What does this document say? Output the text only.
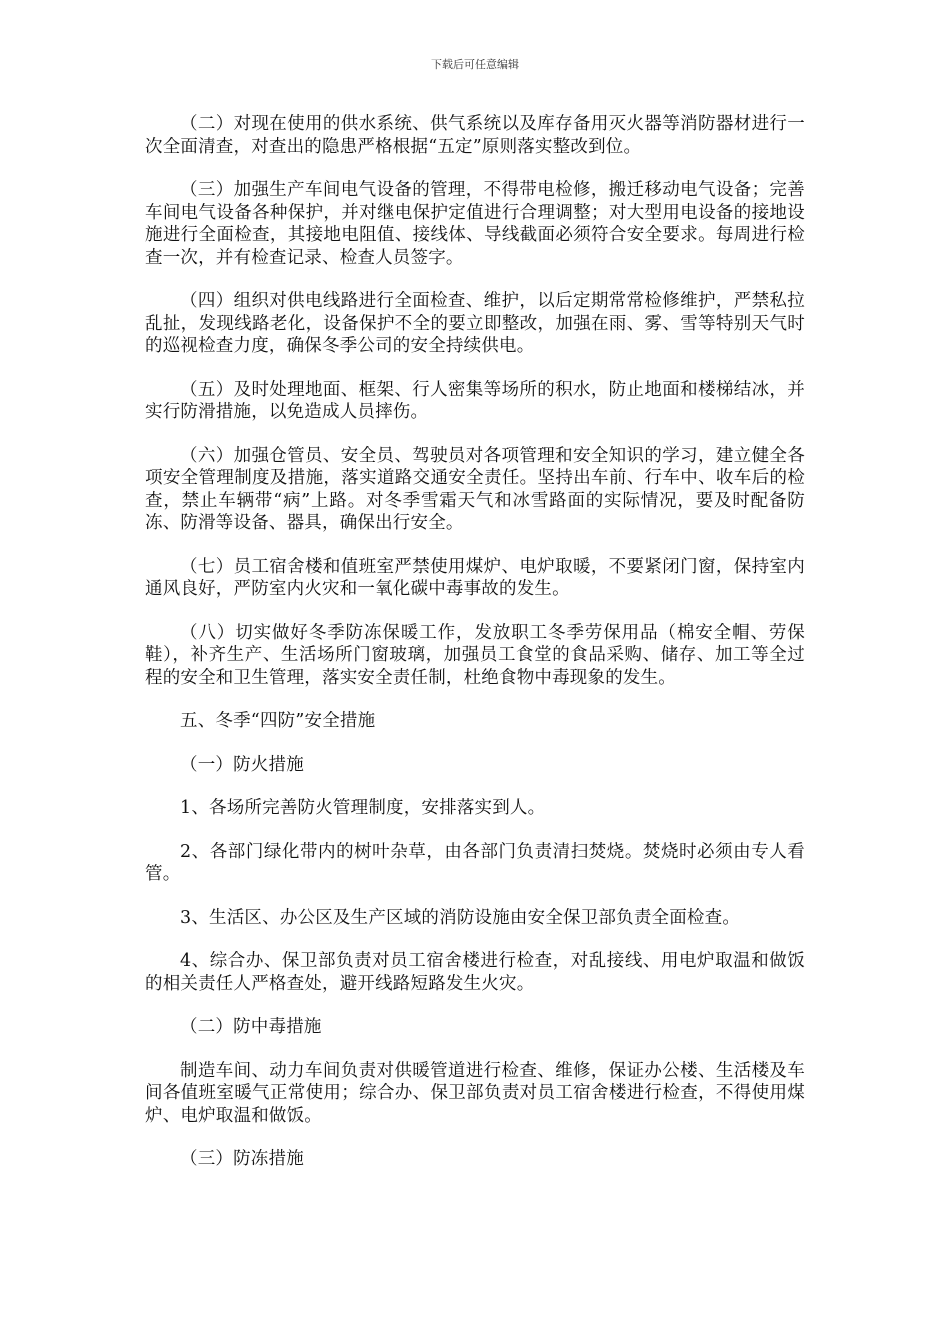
下载后可任意编辑

（二）对现在使用的供水系统、供气系统以及库存备用灭火器等消防器材进行一次全面清查，对查出的隐患严格根据“五定”原则落实整改到位。

（三）加强生产车间电气设备的管理，不得带电检修，搬迁移动电气设备；完善车间电气设备各种保护，并对继电保护定值进行合理调整；对大型用电设备的接地设施进行全面检查，其接地电阻值、接线体、导线截面必须符合安全要求。每周进行检查一次，并有检查记录、检查人员签字。

（四）组织对供电线路进行全面检查、维护，以后定期常常检修维护，严禁私拉乱扯，发现线路老化，设备保护不全的要立即整改，加强在雨、雾、雪等特别天气时的巡视检查力度，确保冬季公司的安全持续供电。

（五）及时处理地面、框架、行人密集等场所的积水，防止地面和楼梯结冰，并实行防滑措施，以免造成人员摔伤。

（六）加强仓管员、安全员、驾驶员对各项管理和安全知识的学习，建立健全各项安全管理制度及措施，落实道路交通安全责任。坚持出车前、行车中、收车后的检查，禁止车辆带“病”上路。对冬季雪霜天气和冰雪路面的实际情况，要及时配备防冻、防滑等设备、器具，确保出行安全。

（七）员工宿舍楼和值班室严禁使用煤炉、电炉取暖，不要紧闭门窗，保持室内通风良好，严防室内火灾和一氧化碳中毒事故的发生。

（八）切实做好冬季防冻保暖工作，发放职工冬季劳保用品（棉安全帽、劳保鞋），补齐生产、生活场所门窗玻璃，加强员工食堂的食品采购、储存、加工等全过程的安全和卫生管理，落实安全责任制，杜绝食物中毒现象的发生。

五、冬季“四防”安全措施

（一）防火措施

1、各场所完善防火管理制度，安排落实到人。

2、各部门绿化带内的树叶杂草，由各部门负责清扫焚烧。焚烧时必须由专人看管。

3、生活区、办公区及生产区域的消防设施由安全保卫部负责全面检查。

4、综合办、保卫部负责对员工宿舍楼进行检查，对乱接线、用电炉取温和做饭的相关责任人严格查处，避开线路短路发生火灾。

（二）防中毒措施

制造车间、动力车间负责对供暖管道进行检查、维修，保证办公楼、生活楼及车间各值班室暖气正常使用；综合办、保卫部负责对员工宿舍楼进行检查，不得使用煤炉、电炉取温和做饭。

（三）防冻措施
